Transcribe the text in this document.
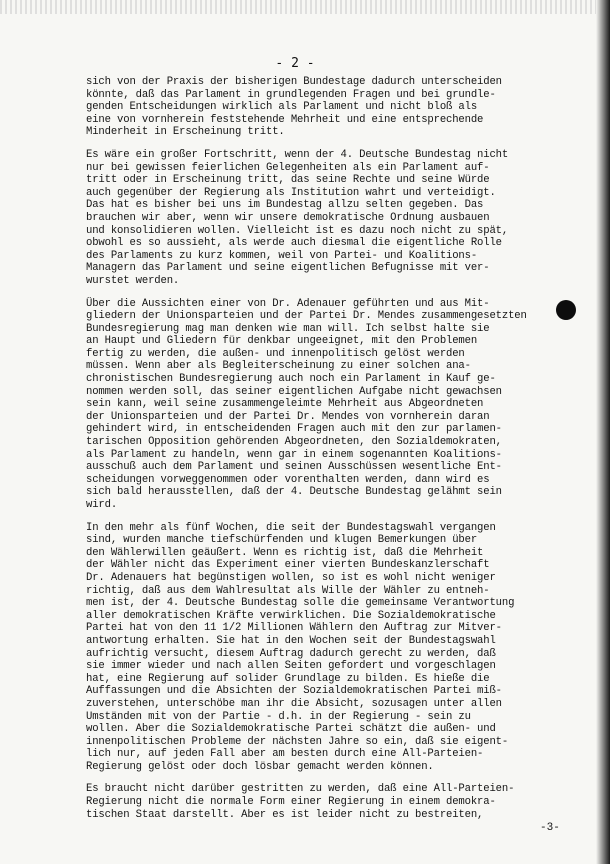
- 2 -
sich von der Praxis der bisherigen Bundestage dadurch unterscheiden
könnte, daß das Parlament in grundlegenden Fragen und bei grundle-
genden Entscheidungen wirklich als Parlament und nicht bloß als
eine von vornherein feststehende Mehrheit und eine entsprechende
Minderheit in Erscheinung tritt.
Es wäre ein großer Fortschritt, wenn der 4. Deutsche Bundestag nicht
nur bei gewissen feierlichen Gelegenheiten als ein Parlament auf-
tritt oder in Erscheinung tritt, das seine Rechte und seine Würde
auch gegenüber der Regierung als Institution wahrt und verteidigt.
Das hat es bisher bei uns im Bundestag allzu selten gegeben. Das
brauchen wir aber, wenn wir unsere demokratische Ordnung ausbauen
und konsolidieren wollen. Vielleicht ist es dazu noch nicht zu spät,
obwohl es so aussieht, als werde auch diesmal die eigentliche Rolle
des Parlaments zu kurz kommen, weil von Partei- und Koalitions-
Managern das Parlament und seine eigentlichen Befugnisse mit ver-
wurstet werden.
Über die Aussichten einer von Dr. Adenauer geführten und aus Mit-
gliedern der Unionsparteien und der Partei Dr. Mendes zusammengesetzten
Bundesregierung mag man denken wie man will. Ich selbst halte sie
an Haupt und Gliedern für denkbar ungeeignet, mit den Problemen
fertig zu werden, die außen- und innenpolitisch gelöst werden
müssen. Wenn aber als Begleiterscheinung zu einer solchen ana-
chronistischen Bundesregierung auch noch ein Parlament in Kauf ge-
nommen werden soll, das seiner eigentlichen Aufgabe nicht gewachsen
sein kann, weil seine zusammengeleimte Mehrheit aus Abgeordneten
der Unionsparteien und der Partei Dr. Mendes von vornherein daran
gehindert wird, in entscheidenden Fragen auch mit den zur parlamen-
tarischen Opposition gehörenden Abgeordneten, den Sozialdemokraten,
als Parlament zu handeln, wenn gar in einem sogenannten Koalitions-
ausschuß auch dem Parlament und seinen Ausschüssen wesentliche Ent-
scheidungen vorweggenommen oder vorenthalten werden, dann wird es
sich bald herausstellen, daß der 4. Deutsche Bundestag gelähmt sein
wird.
In den mehr als fünf Wochen, die seit der Bundestagswahl vergangen
sind, wurden manche tiefschürfenden und klugen Bemerkungen über
den Wählerwillen geäußert. Wenn es richtig ist, daß die Mehrheit
der Wähler nicht das Experiment einer vierten Bundeskanzlerschaft
Dr. Adenauers hat begünstigen wollen, so ist es wohl nicht weniger
richtig, daß aus dem Wahlresultat als Wille der Wähler zu entneh-
men ist, der 4. Deutsche Bundestag solle die gemeinsame Verantwortung
aller demokratischen Kräfte verwirklichen. Die Sozialdemokratische
Partei hat von den 11 1/2 Millionen Wählern den Auftrag zur Mitver-
antwortung erhalten. Sie hat in den Wochen seit der Bundestagswahl
aufrichtig versucht, diesem Auftrag dadurch gerecht zu werden, daß
sie immer wieder und nach allen Seiten gefordert und vorgeschlagen
hat, eine Regierung auf solider Grundlage zu bilden. Es hieße die
Auffassungen und die Absichten der Sozialdemokratischen Partei miß-
zuverstehen, unterschöbe man ihr die Absicht, sozusagen unter allen
Umständen mit von der Partie - d.h. in der Regierung - sein zu
wollen. Aber die Sozialdemokratische Partei schätzt die außen- und
innenpolitischen Probleme der nächsten Jahre so ein, daß sie eigent-
lich nur, auf jeden Fall aber am besten durch eine All-Parteien-
Regierung gelöst oder doch lösbar gemacht werden können.
Es braucht nicht darüber gestritten zu werden, daß eine All-Parteien-
Regierung nicht die normale Form einer Regierung in einem demokra-
tischen Staat darstellt. Aber es ist leider nicht zu bestreiten,
-3-
